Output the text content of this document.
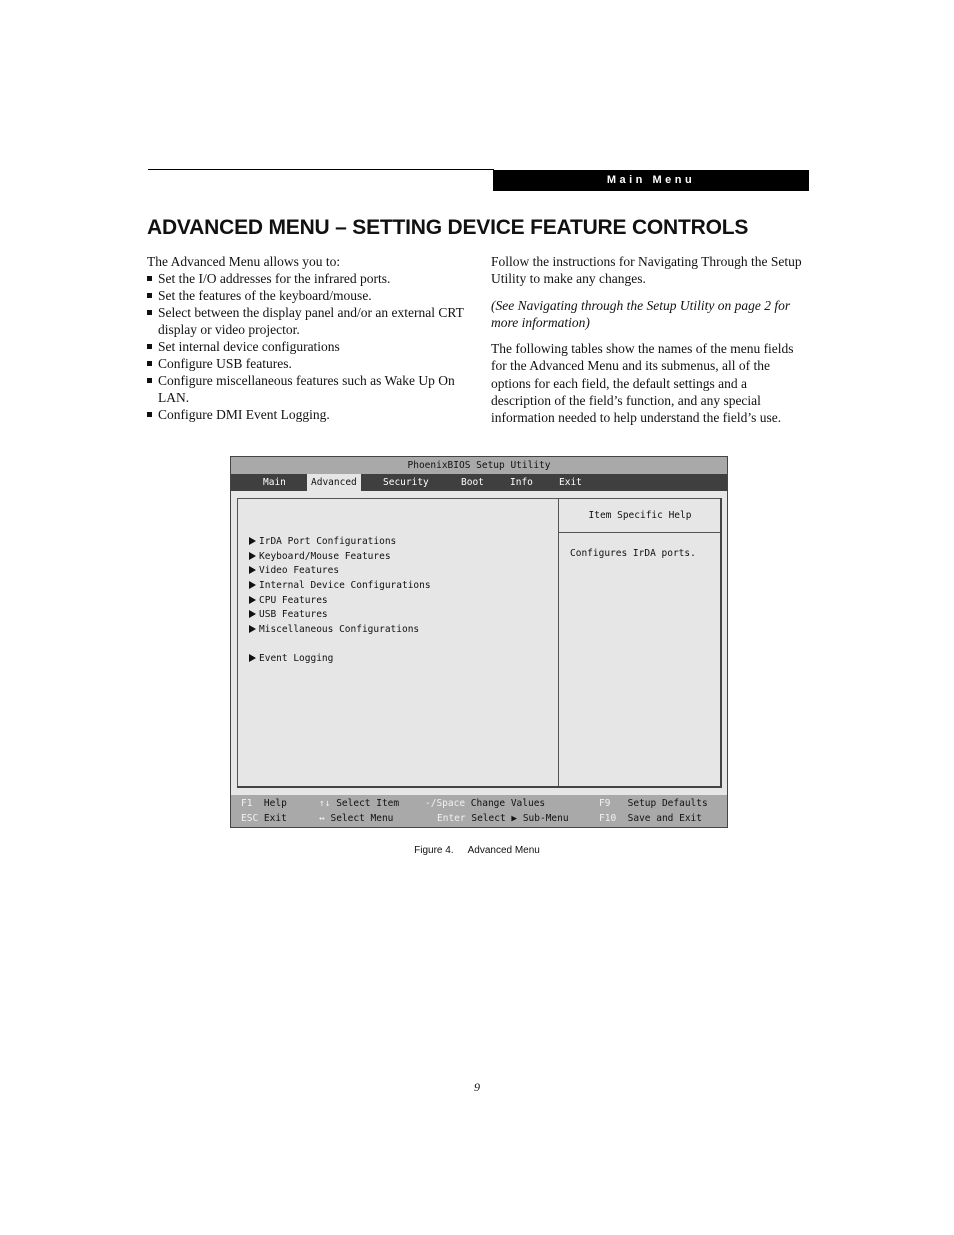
Main Menu
ADVANCED MENU – SETTING DEVICE FEATURE CONTROLS

The Advanced Menu allows you to:

Set the I/O addresses for the infrared ports.
Set the features of the keyboard/mouse.
Select between the display panel and/or an external CRT display or video projector.
Set internal device configurations
Configure USB features.
Configure miscellaneous features such as Wake Up On LAN.
Configure DMI Event Logging.

Follow the instructions for Navigating Through the Setup Utility to make any changes.

(See Navigating through the Setup Utility on page 2 for more information)

The following tables show the names of the menu fields for the Advanced Menu and its submenus, all of the options for each field, the default settings and a description of the field’s function, and any special information needed to help understand the field’s use.

PhoenixBIOS Setup Utility
Main	Advanced	Security	Boot	Info	Exit
IrDA Port Configurations
Keyboard/Mouse Features
Video Features
Internal Device Configurations
CPU Features
USB Features
Miscellaneous Configurations
Event Logging
Item Specific Help
Configures IrDA ports.
F1 Help	↑↓ Select Item	-/Space Change Values	F9 Setup Defaults
ESC Exit	↔ Select Menu	Enter Select ▶ Sub-Menu	F10 Save and Exit
Figure 4. Advanced Menu
9
